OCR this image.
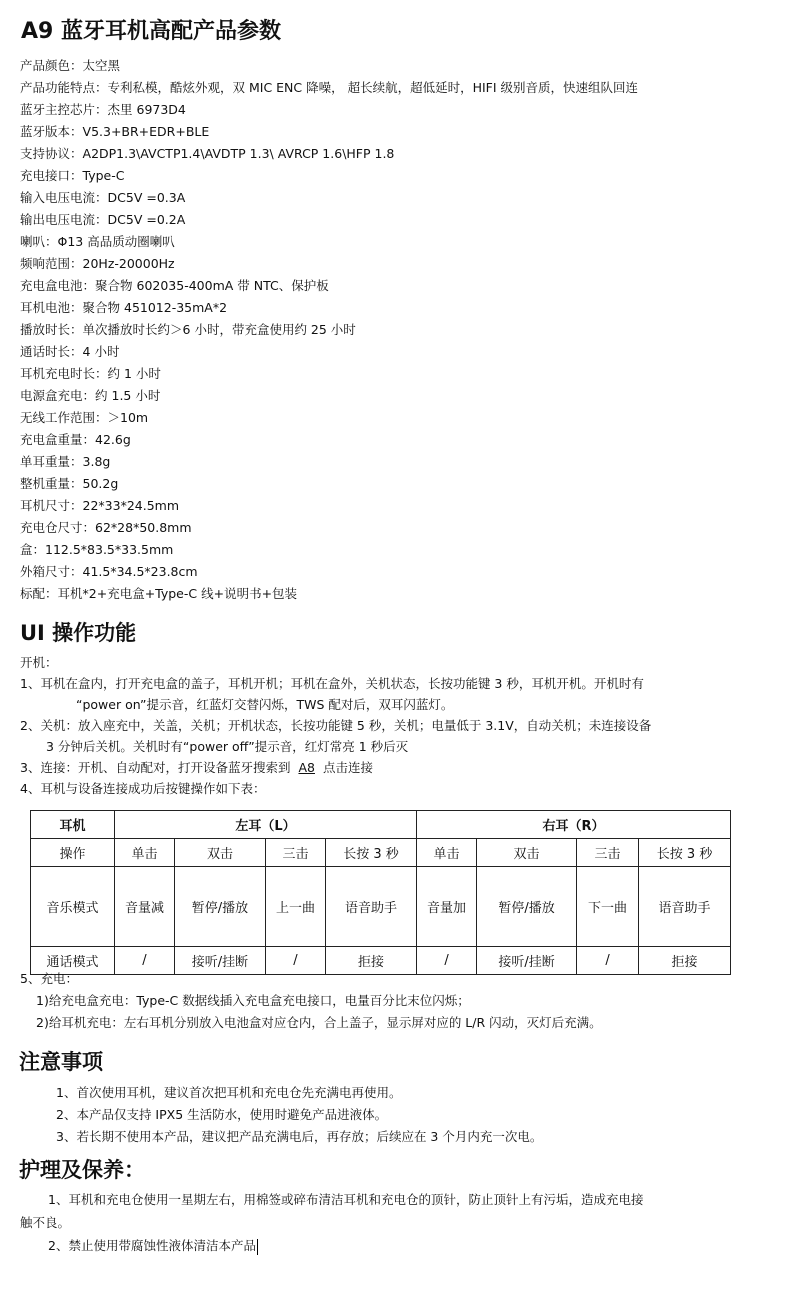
A9 蓝牙耳机高配产品参数
产品颜色：太空黑
产品功能特点：专利私模，酷炫外观，双 MIC ENC 降噪， 超长续航，超低延时，HIFI 级别音质，快速组队回连
蓝牙主控芯片：杰里 6973D4
蓝牙版本：V5.3+BR+EDR+BLE
支持协议：A2DP1.3\AVCTP1.4\AVDTP 1.3\ AVRCP 1.6\HFP 1.8
充电接口：Type-C
输入电压电流：DC5V =0.3A
输出电压电流：DC5V =0.2A
喇叭：Φ13 高品质动圈喇叭
频响范围：20Hz-20000Hz
充电盒电池：聚合物 602035-400mA 带 NTC、保护板
耳机电池：聚合物 451012-35mA*2
播放时长：单次播放时长约＞6 小时，带充盒使用约 25 小时
通话时长：4 小时
耳机充电时长：约 1 小时
电源盒充电：约 1.5 小时
无线工作范围：＞10m
充电盒重量：42.6g
单耳重量：3.8g
整机重量：50.2g
耳机尺寸：22*33*24.5mm
充电仓尺寸：62*28*50.8mm
盒：112.5*83.5*33.5mm
外箱尺寸：41.5*34.5*23.8cm
标配：耳机*2+充电盒+Type-C 线+说明书+包装
UI 操作功能
开机：
1、耳机在盒内，打开充电盒的盖子，耳机开机；耳机在盒外，关机状态，长按功能键 3 秒，耳机开机。开机时有
“power on”提示音，红蓝灯交替闪烁，TWS 配对后，双耳闪蓝灯。
2、关机：放入座充中，关盖，关机；开机状态，长按功能键 5 秒，关机；电量低于 3.1V，自动关机；未连接设备
3 分钟后关机。关机时有“power off”提示音，红灯常亮 1 秒后灭
3、连接：开机、自动配对，打开设备蓝牙搜索到 A8 点击连接
4、耳机与设备连接成功后按键操作如下表：
耳机	左耳（L）				右耳（R）			
操作	单击	双击	三击	长按 3 秒	单击	双击	三击	长按 3 秒
音乐模式	音量减	暂停/播放	上一曲	语音助手	音量加	暂停/播放	下一曲	语音助手
通话模式	/	接听/挂断	/	拒接	/	接听/挂断	/	拒接
5、充电：
1)给充电盒充电：Type-C 数据线插入充电盒充电接口，电量百分比末位闪烁；
2)给耳机充电：左右耳机分别放入电池盒对应仓内，合上盖子，显示屏对应的 L/R 闪动，灭灯后充满。
注意事项
1、首次使用耳机，建议首次把耳机和充电仓先充满电再使用。
2、本产品仅支持 IPX5 生活防水，使用时避免产品进液体。
3、若长期不使用本产品，建议把产品充满电后，再存放；后续应在 3 个月内充一次电。
护理及保养：
1、耳机和充电仓使用一星期左右，用棉签或碎布清洁耳机和充电仓的顶针，防止顶针上有污垢，造成充电接
触不良。
2、禁止使用带腐蚀性液体清洁本产品
